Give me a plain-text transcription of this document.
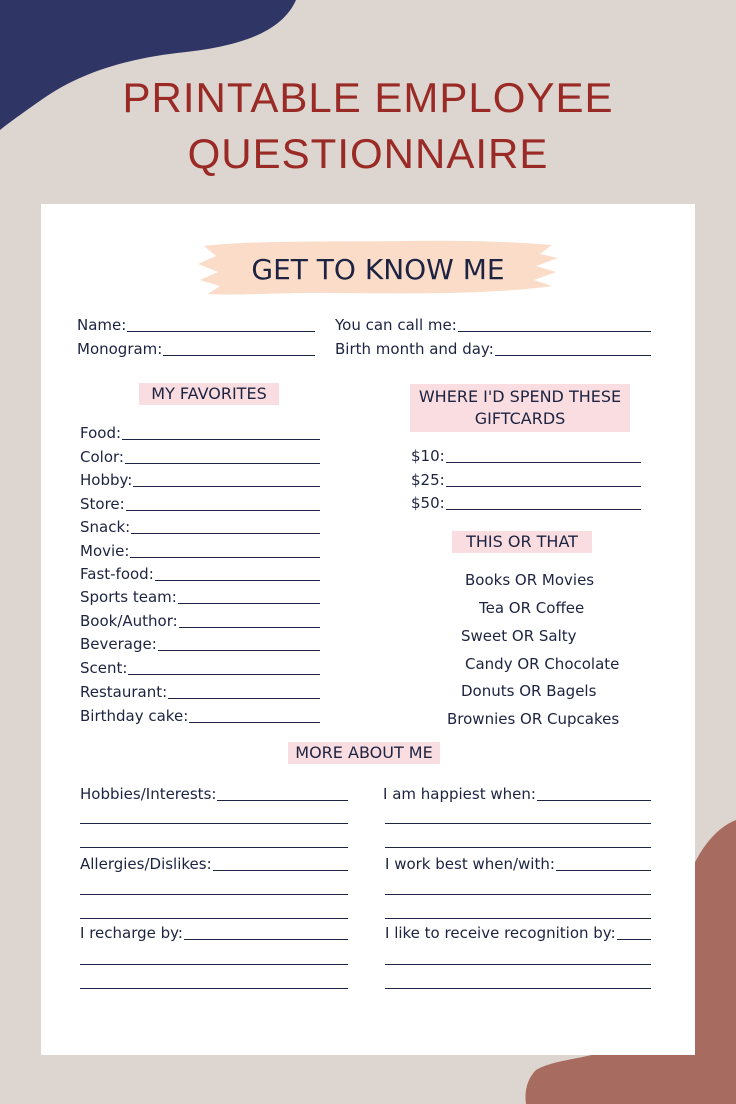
PRINTABLE EMPLOYEE
QUESTIONNAIRE
GET TO KNOW ME
Name:
Monogram:
You can call me:
Birth month and day:
MY FAVORITES
Food:
Color:
Hobby:
Store:
Snack:
Movie:
Fast-food:
Sports team:
Book/Author:
Beverage:
Scent:
Restaurant:
Birthday cake:
WHERE I'D SPEND THESE GIFTCARDS
$10:
$25:
$50:
THIS OR THAT
Books OR Movies
Tea OR Coffee
Sweet OR Salty
Candy OR Chocolate
Donuts OR Bagels
Brownies OR Cupcakes
MORE ABOUT ME
Hobbies/Interests:
Allergies/Dislikes:
I recharge by:
I am happiest when:
I work best when/with:
I like to receive recognition by:
